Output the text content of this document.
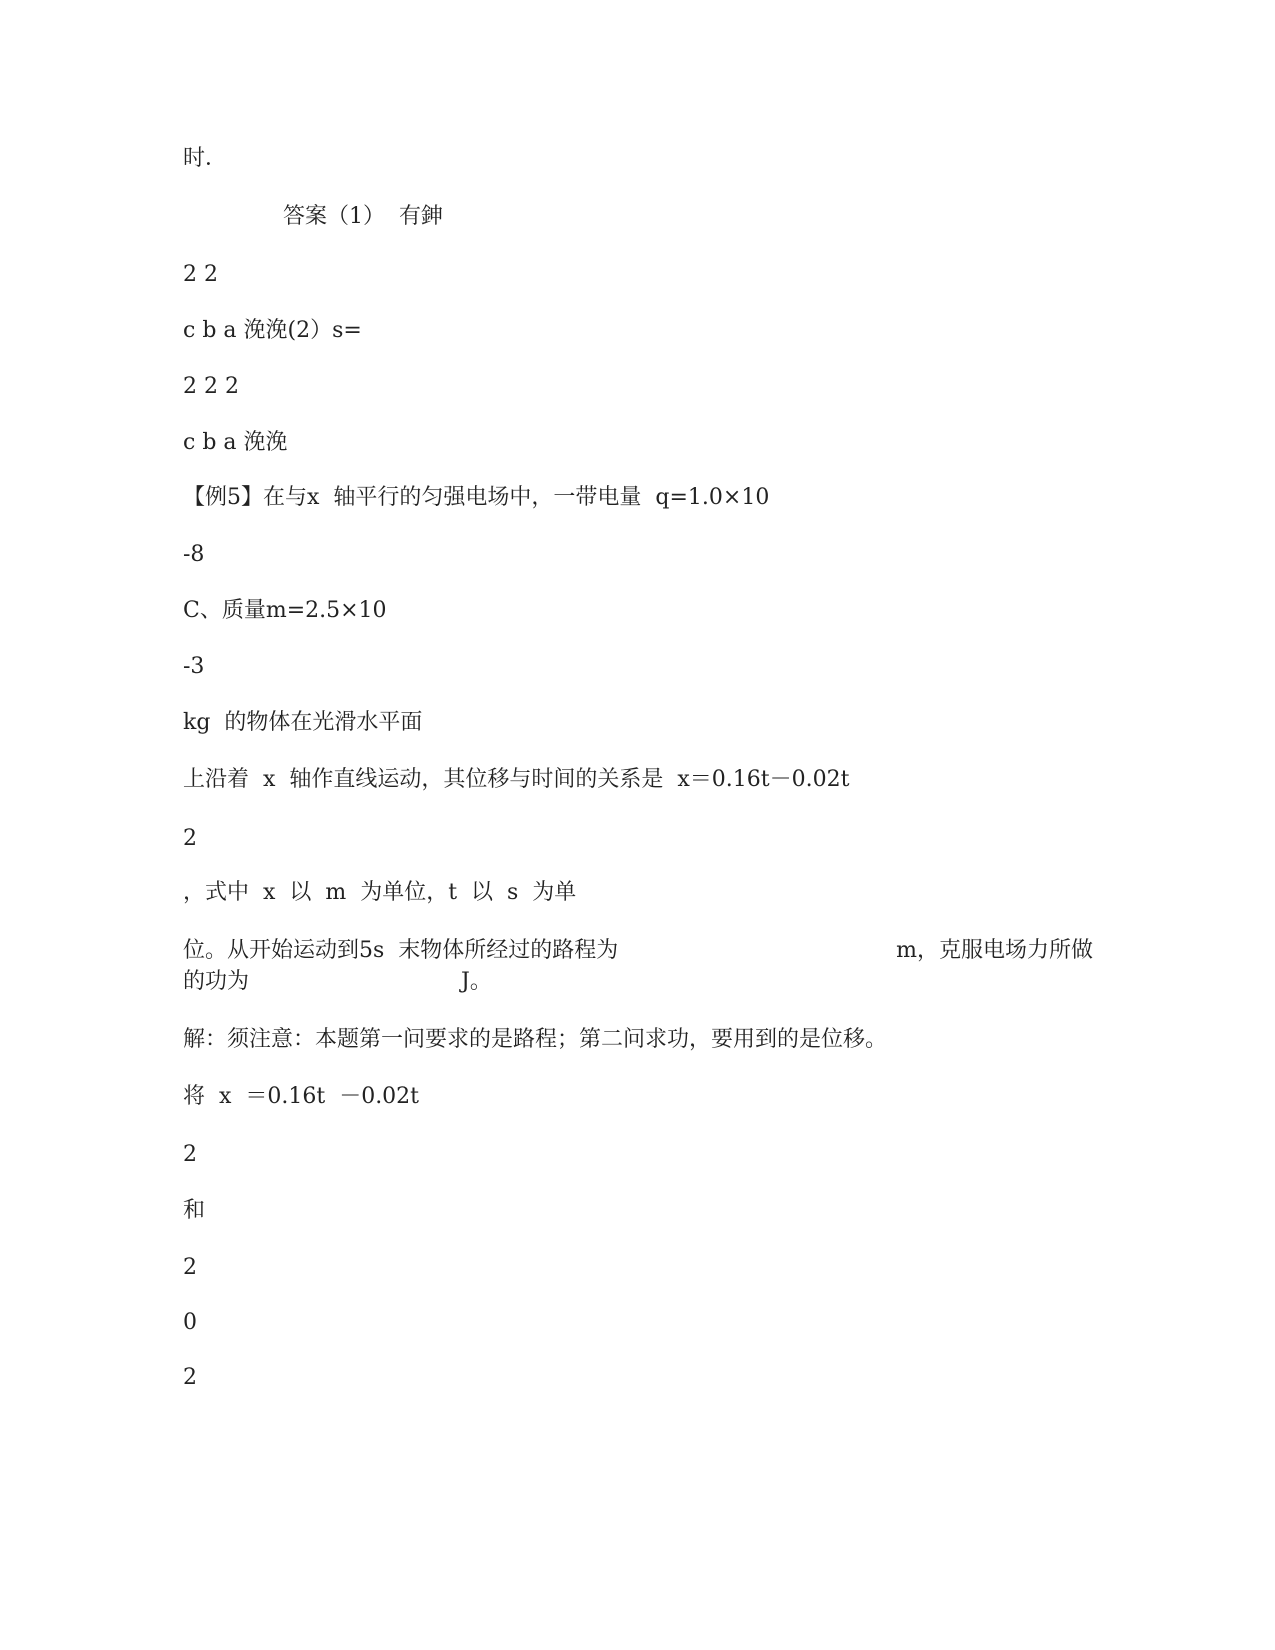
时．
答案（1）  有鉮
2 2
c b a 浼浼(2）s=
2 2 2
c b a 浼浼
【例5】在与x  轴平行的匀强电场中，一带电量  q=1.0×10
-8
C、质量m=2.5×10
-3
kg  的物体在光滑水平面
上沿着  x  轴作直线运动，其位移与时间的关系是  x＝0.16t－0.02t
2
，式中  x  以  m  为单位，t  以  s  为单
位。从开始运动到5s  末物体所经过的路程为	m，克服电场力所做
的功为	J。
解：须注意：本题第一问要求的是路程；第二问求功，要用到的是位移。
将  x  ＝0.16t  －0.02t
2
和
2
0
2
